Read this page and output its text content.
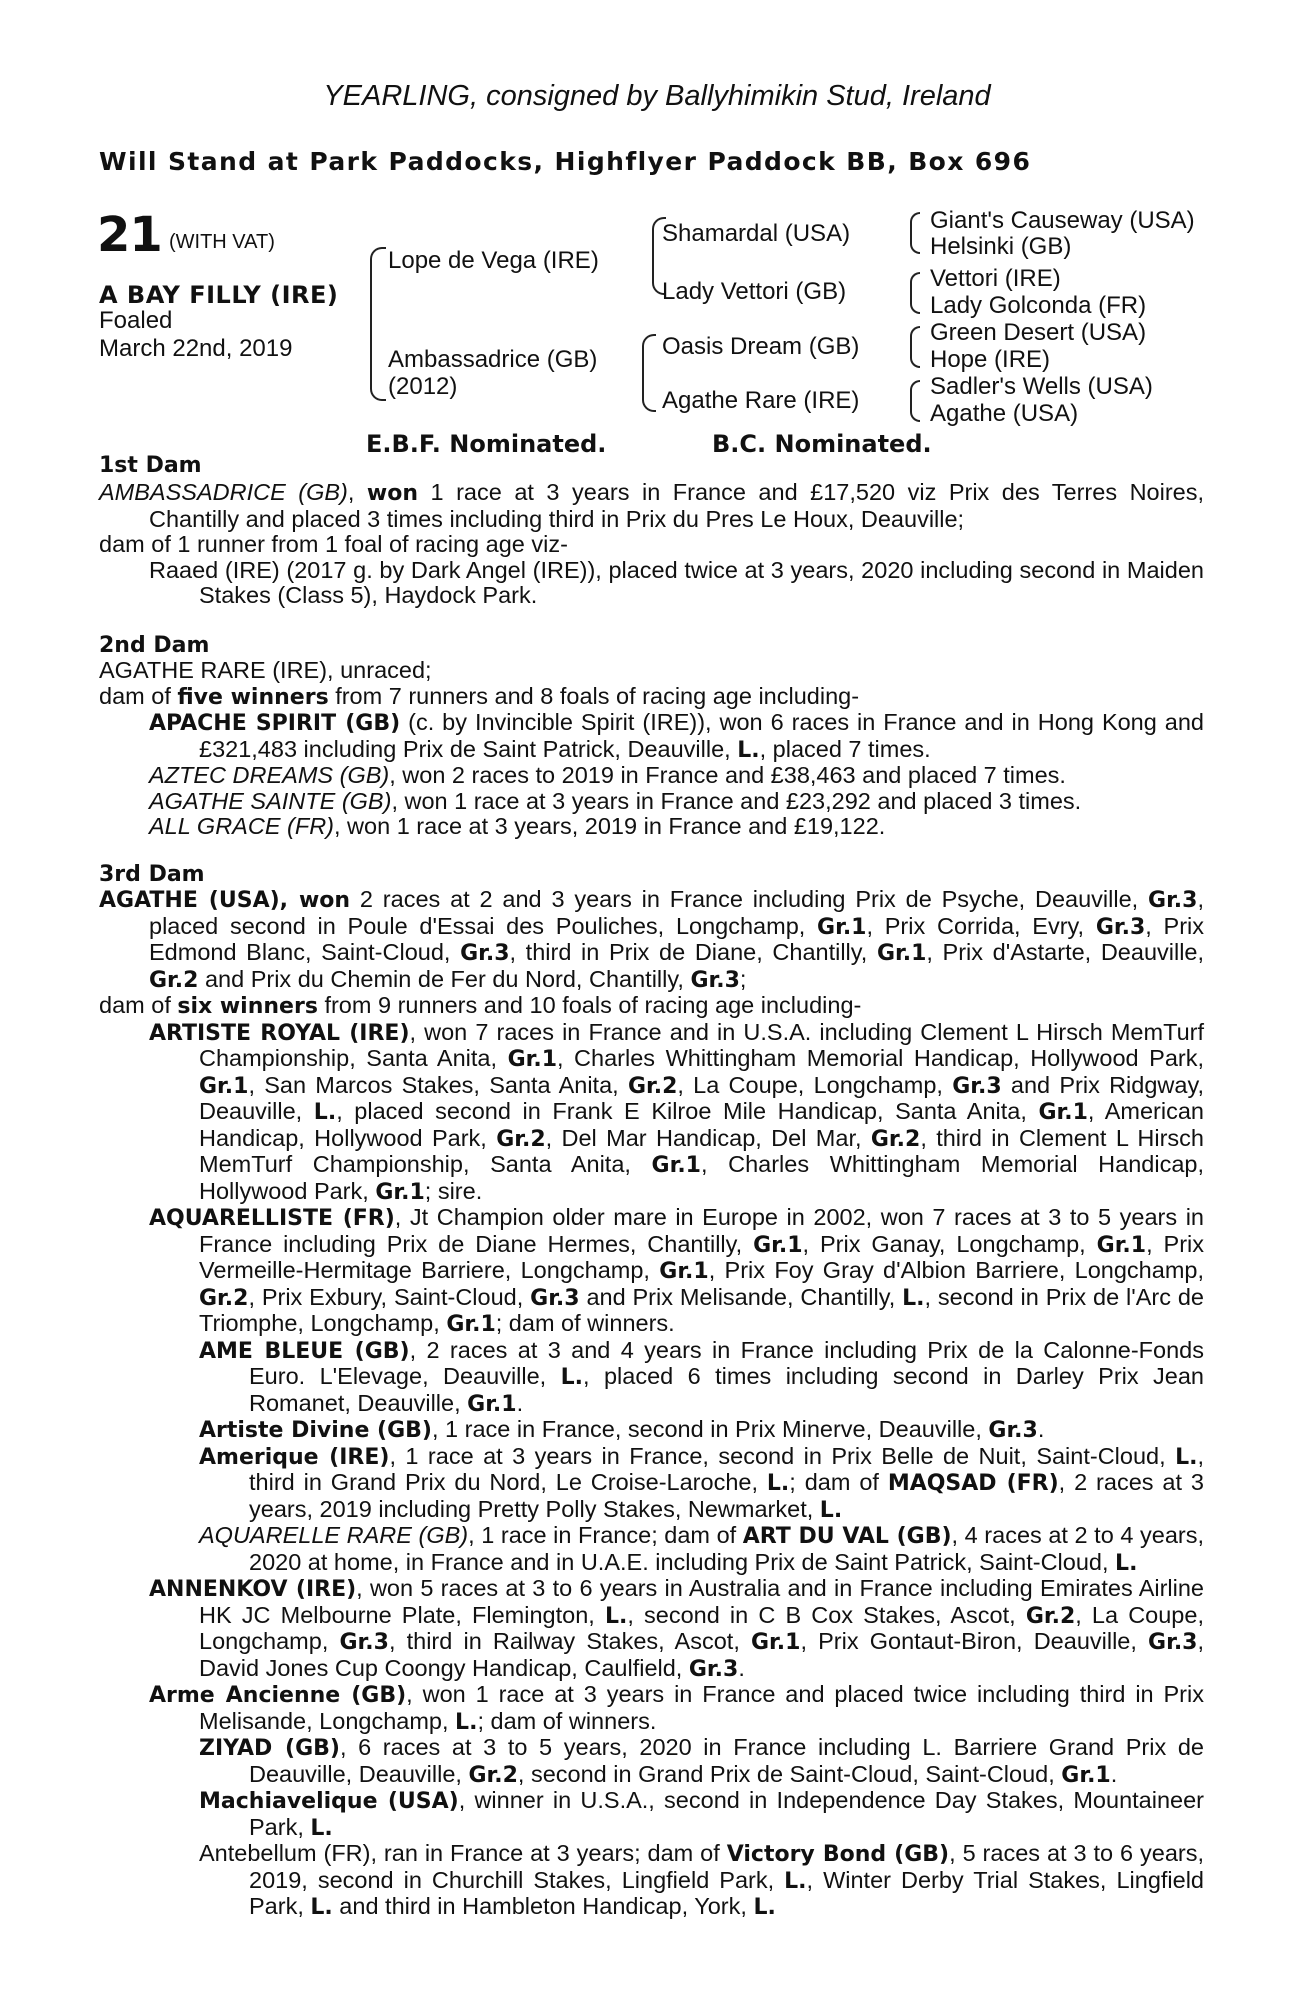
YEARLING, consigned by Ballyhimikin Stud, Ireland
Will Stand at Park Paddocks, Highflyer Paddock BB, Box 696
21 (WITH VAT)
A BAY FILLY (IRE)
Foaled
March 22nd, 2019
Lope de Vega (IRE)
Ambassadrice (GB)
(2012)
Shamardal (USA)
Lady Vettori (GB)
Oasis Dream (GB)
Agathe Rare (IRE)
Giant's Causeway (USA)
Helsinki (GB)
Vettori (IRE)
Lady Golconda (FR)
Green Desert (USA)
Hope (IRE)
Sadler's Wells (USA)
Agathe (USA)
E.B.F. Nominated.	B.C. Nominated.
1st Dam

AMBASSADRICE (GB), won 1 race at 3 years in France and £17,520 viz Prix des Terres Noires, Chantilly and placed 3 times including third in Prix du Pres Le Houx, Deauville;

dam of 1 runner from 1 foal of racing age viz-

Raaed (IRE) (2017 g. by Dark Angel (IRE)), placed twice at 3 years, 2020 including second in Maiden Stakes (Class 5), Haydock Park.

2nd Dam

AGATHE RARE (IRE), unraced;

dam of five winners from 7 runners and 8 foals of racing age including-

APACHE SPIRIT (GB) (c. by Invincible Spirit (IRE)), won 6 races in France and in Hong Kong and £321,483 including Prix de Saint Patrick, Deauville, L., placed 7 times.

AZTEC DREAMS (GB), won 2 races to 2019 in France and £38,463 and placed 7 times.

AGATHE SAINTE (GB), won 1 race at 3 years in France and £23,292 and placed 3 times.

ALL GRACE (FR), won 1 race at 3 years, 2019 in France and £19,122.

3rd Dam

AGATHE (USA), won 2 races at 2 and 3 years in France including Prix de Psyche, Deauville, Gr.3, placed second in Poule d'Essai des Pouliches, Longchamp, Gr.1, Prix Corrida, Evry, Gr.3, Prix Edmond Blanc, Saint-Cloud, Gr.3, third in Prix de Diane, Chantilly, Gr.1, Prix d'Astarte, Deauville, Gr.2 and Prix du Chemin de Fer du Nord, Chantilly, Gr.3;

dam of six winners from 9 runners and 10 foals of racing age including-

ARTISTE ROYAL (IRE), won 7 races in France and in U.S.A. including Clement L Hirsch MemTurf Championship, Santa Anita, Gr.1, Charles Whittingham Memorial Handicap, Hollywood Park, Gr.1, San Marcos Stakes, Santa Anita, Gr.2, La Coupe, Longchamp, Gr.3 and Prix Ridgway, Deauville, L., placed second in Frank E Kilroe Mile Handicap, Santa Anita, Gr.1, American Handicap, Hollywood Park, Gr.2, Del Mar Handicap, Del Mar, Gr.2, third in Clement L Hirsch MemTurf Championship, Santa Anita, Gr.1, Charles Whittingham Memorial Handicap, Hollywood Park, Gr.1; sire.

AQUARELLISTE (FR), Jt Champion older mare in Europe in 2002, won 7 races at 3 to 5 years in France including Prix de Diane Hermes, Chantilly, Gr.1, Prix Ganay, Longchamp, Gr.1, Prix Vermeille-Hermitage Barriere, Longchamp, Gr.1, Prix Foy Gray d'Albion Barriere, Longchamp, Gr.2, Prix Exbury, Saint-Cloud, Gr.3 and Prix Melisande, Chantilly, L., second in Prix de l'Arc de Triomphe, Longchamp, Gr.1; dam of winners.

AME BLEUE (GB), 2 races at 3 and 4 years in France including Prix de la Calonne-Fonds Euro. L'Elevage, Deauville, L., placed 6 times including second in Darley Prix Jean Romanet, Deauville, Gr.1.

Artiste Divine (GB), 1 race in France, second in Prix Minerve, Deauville, Gr.3.

Amerique (IRE), 1 race at 3 years in France, second in Prix Belle de Nuit, Saint-Cloud, L., third in Grand Prix du Nord, Le Croise-Laroche, L.; dam of MAQSAD (FR), 2 races at 3 years, 2019 including Pretty Polly Stakes, Newmarket, L.

AQUARELLE RARE (GB), 1 race in France; dam of ART DU VAL (GB), 4 races at 2 to 4 years, 2020 at home, in France and in U.A.E. including Prix de Saint Patrick, Saint-Cloud, L.

ANNENKOV (IRE), won 5 races at 3 to 6 years in Australia and in France including Emirates Airline HK JC Melbourne Plate, Flemington, L., second in C B Cox Stakes, Ascot, Gr.2, La Coupe, Longchamp, Gr.3, third in Railway Stakes, Ascot, Gr.1, Prix Gontaut-Biron, Deauville, Gr.3, David Jones Cup Coongy Handicap, Caulfield, Gr.3.

Arme Ancienne (GB), won 1 race at 3 years in France and placed twice including third in Prix Melisande, Longchamp, L.; dam of winners.

ZIYAD (GB), 6 races at 3 to 5 years, 2020 in France including L. Barriere Grand Prix de Deauville, Deauville, Gr.2, second in Grand Prix de Saint-Cloud, Saint-Cloud, Gr.1.

Machiavelique (USA), winner in U.S.A., second in Independence Day Stakes, Mountaineer Park, L.

Antebellum (FR), ran in France at 3 years; dam of Victory Bond (GB), 5 races at 3 to 6 years, 2019, second in Churchill Stakes, Lingfield Park, L., Winter Derby Trial Stakes, Lingfield Park, L. and third in Hambleton Handicap, York, L.
